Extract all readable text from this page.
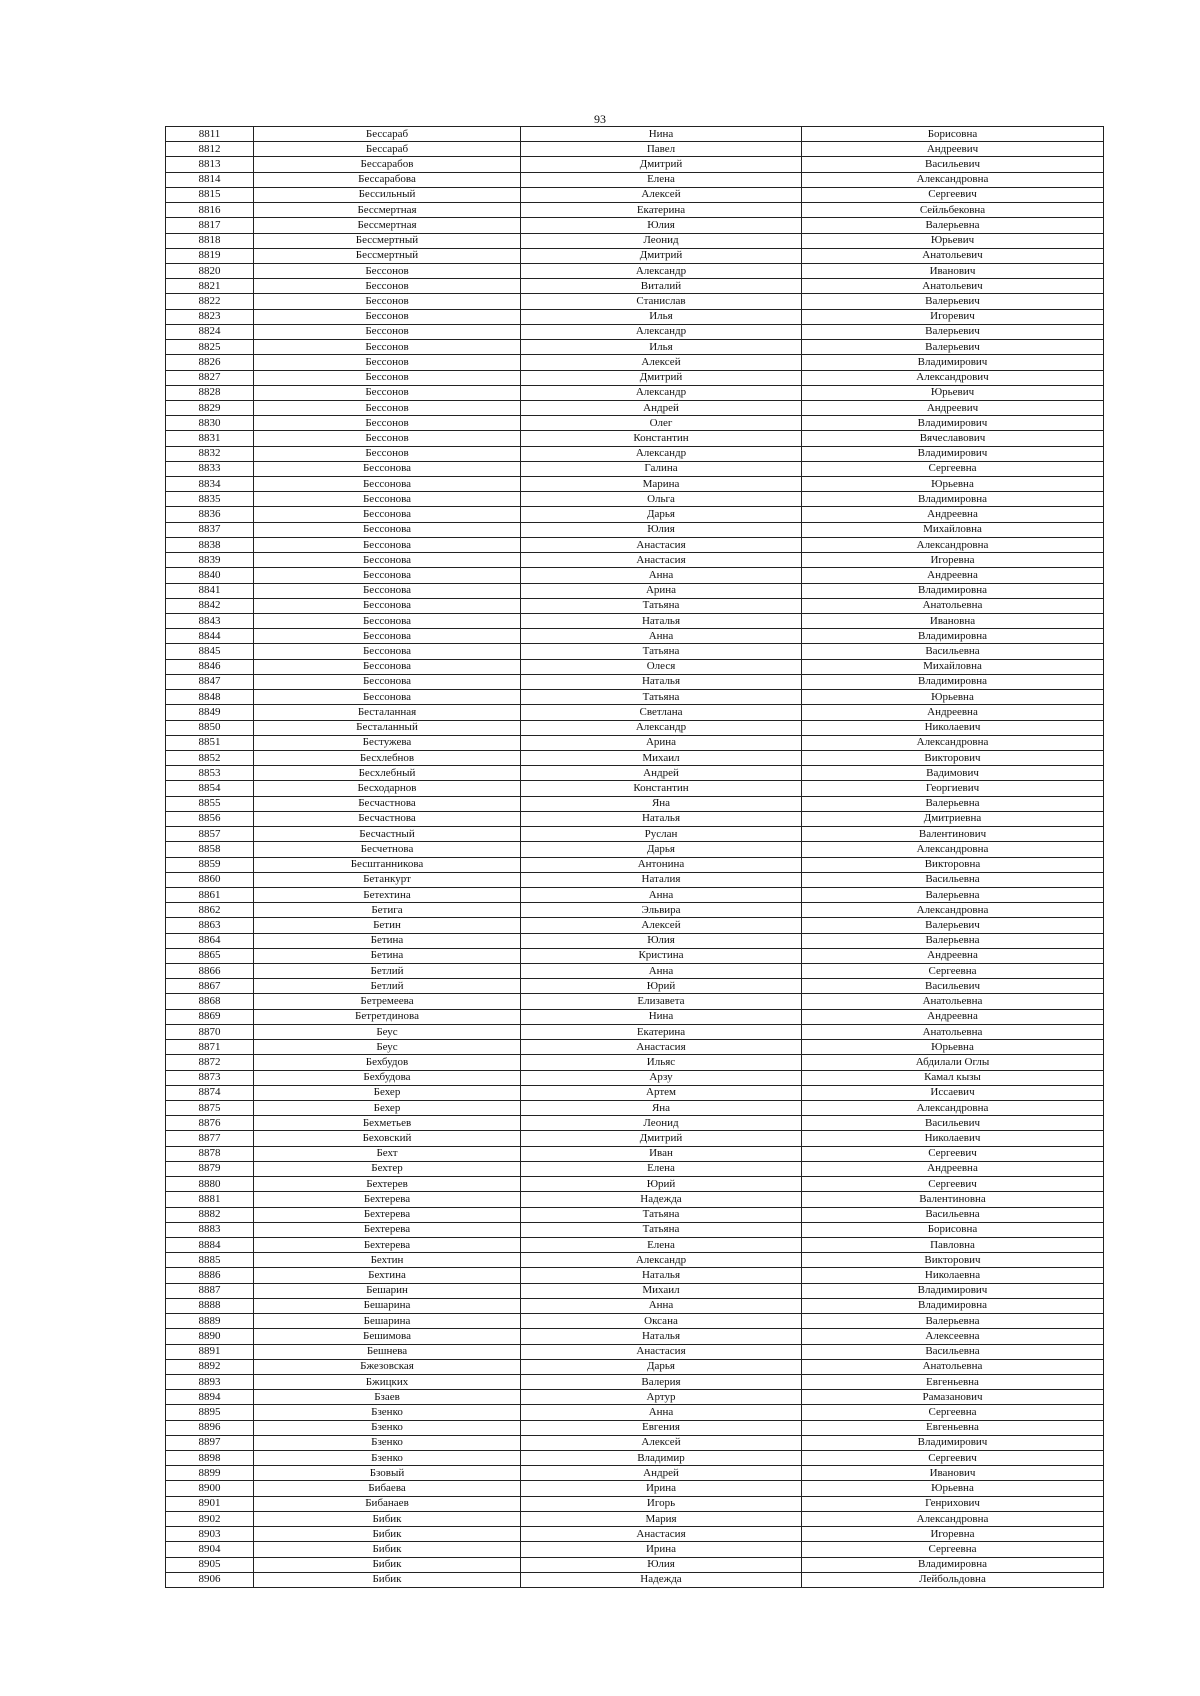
93
8811	Бессараб	Нина	Борисовна
8812	Бессараб	Павел	Андреевич
8813	Бессарабов	Дмитрий	Васильевич
8814	Бессарабова	Елена	Александровна
8815	Бессильный	Алексей	Сергеевич
8816	Бессмертная	Екатерина	Сейльбековна
8817	Бессмертная	Юлия	Валерьевна
8818	Бессмертный	Леонид	Юрьевич
8819	Бессмертный	Дмитрий	Анатольевич
8820	Бессонов	Александр	Иванович
8821	Бессонов	Виталий	Анатольевич
8822	Бессонов	Станислав	Валерьевич
8823	Бессонов	Илья	Игоревич
8824	Бессонов	Александр	Валерьевич
8825	Бессонов	Илья	Валерьевич
8826	Бессонов	Алексей	Владимирович
8827	Бессонов	Дмитрий	Александрович
8828	Бессонов	Александр	Юрьевич
8829	Бессонов	Андрей	Андреевич
8830	Бессонов	Олег	Владимирович
8831	Бессонов	Константин	Вячеславович
8832	Бессонов	Александр	Владимирович
8833	Бессонова	Галина	Сергеевна
8834	Бессонова	Марина	Юрьевна
8835	Бессонова	Ольга	Владимировна
8836	Бессонова	Дарья	Андреевна
8837	Бессонова	Юлия	Михайловна
8838	Бессонова	Анастасия	Александровна
8839	Бессонова	Анастасия	Игоревна
8840	Бессонова	Анна	Андреевна
8841	Бессонова	Арина	Владимировна
8842	Бессонова	Татьяна	Анатольевна
8843	Бессонова	Наталья	Ивановна
8844	Бессонова	Анна	Владимировна
8845	Бессонова	Татьяна	Васильевна
8846	Бессонова	Олеся	Михайловна
8847	Бессонова	Наталья	Владимировна
8848	Бессонова	Татьяна	Юрьевна
8849	Бесталанная	Светлана	Андреевна
8850	Бесталанный	Александр	Николаевич
8851	Бестужева	Арина	Александровна
8852	Бесхлебнов	Михаил	Викторович
8853	Бесхлебный	Андрей	Вадимович
8854	Бесходарнов	Константин	Георгиевич
8855	Бесчастнова	Яна	Валерьевна
8856	Бесчастнова	Наталья	Дмитриевна
8857	Бесчастный	Руслан	Валентинович
8858	Бесчетнова	Дарья	Александровна
8859	Бесштанникова	Антонина	Викторовна
8860	Бетанкурт	Наталия	Васильевна
8861	Бетехтина	Анна	Валерьевна
8862	Бетига	Эльвира	Александровна
8863	Бетин	Алексей	Валерьевич
8864	Бетина	Юлия	Валерьевна
8865	Бетина	Кристина	Андреевна
8866	Бетлий	Анна	Сергеевна
8867	Бетлий	Юрий	Васильевич
8868	Бетремеева	Елизавета	Анатольевна
8869	Бетретдинова	Нина	Андреевна
8870	Беус	Екатерина	Анатольевна
8871	Беус	Анастасия	Юрьевна
8872	Бехбудов	Ильяс	Абдилали Оглы
8873	Бехбудова	Арзу	Камал кызы
8874	Бехер	Артем	Иссаевич
8875	Бехер	Яна	Александровна
8876	Бехметьев	Леонид	Васильевич
8877	Беховский	Дмитрий	Николаевич
8878	Бехт	Иван	Сергеевич
8879	Бехтер	Елена	Андреевна
8880	Бехтерев	Юрий	Сергеевич
8881	Бехтерева	Надежда	Валентиновна
8882	Бехтерева	Татьяна	Васильевна
8883	Бехтерева	Татьяна	Борисовна
8884	Бехтерева	Елена	Павловна
8885	Бехтин	Александр	Викторович
8886	Бехтина	Наталья	Николаевна
8887	Бешарин	Михаил	Владимирович
8888	Бешарина	Анна	Владимировна
8889	Бешарина	Оксана	Валерьевна
8890	Бешимова	Наталья	Алексеевна
8891	Бешнева	Анастасия	Васильевна
8892	Бжезовская	Дарья	Анатольевна
8893	Бжицких	Валерия	Евгеньевна
8894	Бзаев	Артур	Рамазанович
8895	Бзенко	Анна	Сергеевна
8896	Бзенко	Евгения	Евгеньевна
8897	Бзенко	Алексей	Владимирович
8898	Бзенко	Владимир	Сергеевич
8899	Бзовый	Андрей	Иванович
8900	Бибаева	Ирина	Юрьевна
8901	Бибанаев	Игорь	Генрихович
8902	Бибик	Мария	Александровна
8903	Бибик	Анастасия	Игоревна
8904	Бибик	Ирина	Сергеевна
8905	Бибик	Юлия	Владимировна
8906	Бибик	Надежда	Лейбольдовна
